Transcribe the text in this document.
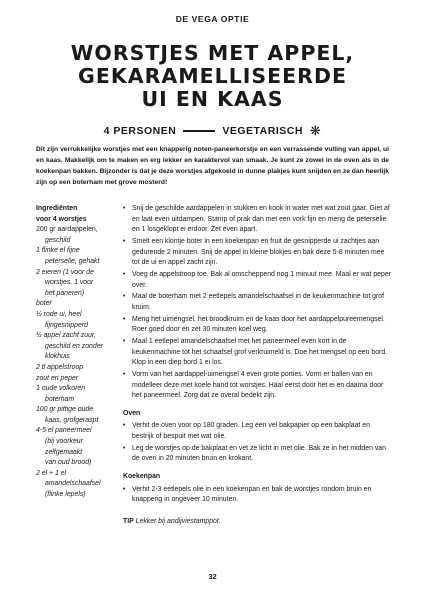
DE VEGA OPTIE
WORSTJES MET APPEL,
GEKARAMELLISEERDE
UI EN KAAS
4 PERSONEN	VEGETARISCH ❋

Dit zijn verrukkelijke worstjes met een knapperig noten-paneerkorstje en een verrassende vulling van appel, ui en kaas. Makkelijk om te maken en erg lekker en karaktervol van smaak. Je kunt ze zowel in de oven als in de koekenpan bakken. Bijzonder is dat je deze worstjes afgekoeld in dunne plakjes kunt snijden en ze dan heerlijk zijn op een boterham met grove mosterd!

Ingrediënten
voor 4 worstjes
200 gr aardappelen,
geschild
1 flinke el fijne
peterselie, gehakt
2 eieren (1 voor de
worstjes, 1 voor
het paneren)
boter
½ rode ui, heel
fijngesnipperd
½ appel zacht zuur,
geschild en zonder
klokhuis
2 tl appelstroop
zout en peper
1 oude volkoren
boterham
100 gr pittige oude
kaas, grofgeraspt
4-5 el paneermeel
(bij voorkeur
zelfgemaakt
van oud brood)
2 el + 1 el
amandelschaafsel
(flinke lepels)
• Snij de geschilde aardappelen in stukken en kook in water met wat zout gaar. Giet af en laat even uitdampen. Stamp of prak dan met een vork fijn en meng de peterselie en 1 losgeklopt ei erdoor. Zet even apart.
• Smelt een klontje boter in een koekenpan en fruit de gesnipperde ui zachtjes aan gedurende 2 minuten. Snij de appel in kleine blokjes en bak deze 5-8 minuten mee tot de ui en appel zacht zijn.
• Voeg de appelstroop toe. Bak al omscheppend nog 1 minuut mee. Maal er wat peper over.
• Maal de boterham met 2 eetlepels amandelschaafsel in de keukenmachine tot grof kruim.
• Meng het uimengsel, het broodkruim en de kaas door het aardappelpureemengsel. Roer goed door en zet 30 minuten koel weg.
• Maal 1 eetlepel amandelschaafsel met het paneermeel even kort in de keukenmachine tot het schaafsel grof verkruimeld is. Doe het mengsel op een bord. Klop in een diep bord 1 ei los.
• Vorm van het aardappel-uimengsel 4 even grote porties. Vorm er ballen van en modelleer deze met koele hand tot worstjes. Haal eerst door het ei en daarna door het paneermeel. Zorg dat ze overal bedekt zijn.
Oven
• Verhit de oven voor op 180 graden. Leg een vel bakpapier op een bakplaat en bestrijk of bespuit met wat olie.
• Leg de worstjes op de bakplaat en vet ze licht in met olie. Bak ze in het midden van de oven in 20 minuten bruin en krokant.
Koekenpan
• Verhit 2-3 eetlepels olie in een koekenpan en bak de worstjes rondom bruin en knapperig in ongeveer 10 minuten.
TIP Lekker bij andijviestamppot.
32
